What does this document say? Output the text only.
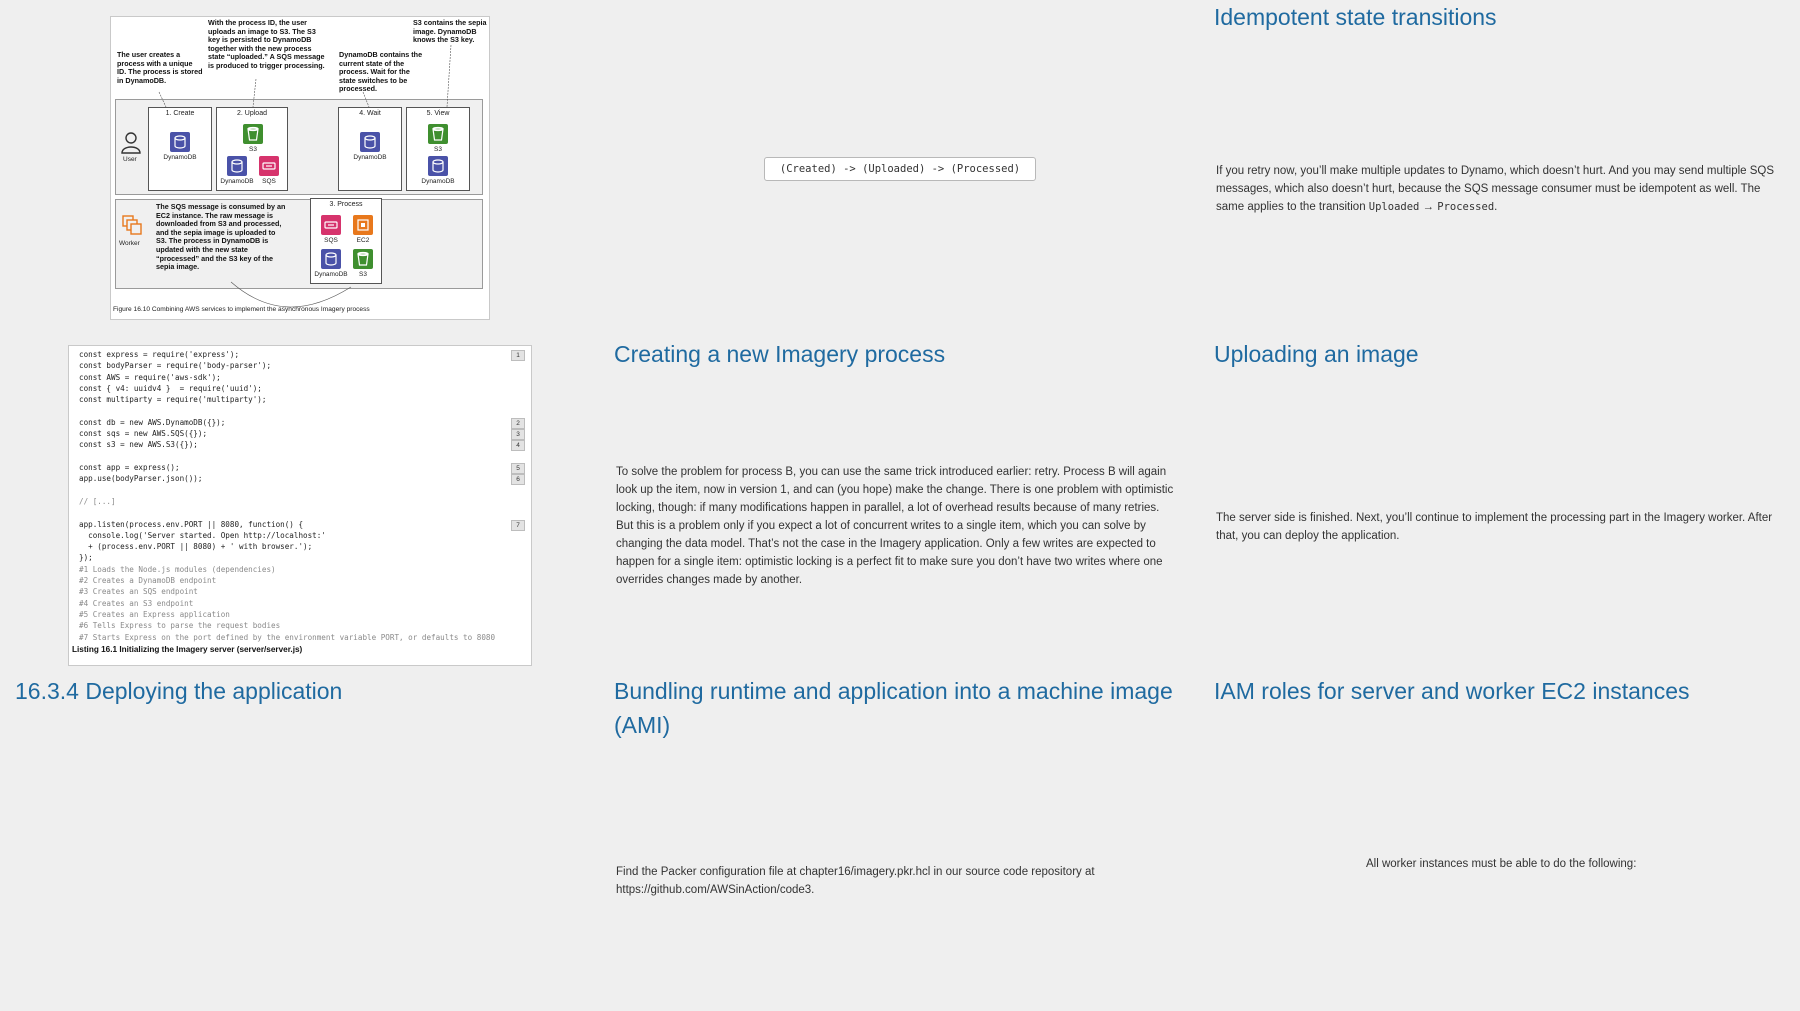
The user creates a process with a unique ID. The process is stored in DynamoDB.
With the process ID, the user uploads an image to S3. The S3 key is persisted to DynamoDB together with the new process state “uploaded.” A SQS message is produced to trigger processing.
DynamoDB contains the current state of the process. Wait for the state switches to be processed.
S3 contains the sepia image. DynamoDB knows the S3 key.
User
1. Create
DynamoDB
2. Upload
S3
DynamoDB	SQS
4. Wait
DynamoDB
5. View
S3
DynamoDB
Worker
The SQS message is consumed by an EC2 instance. The raw message is downloaded from S3 and processed, and the sepia image is uploaded to S3. The process in DynamoDB is updated with the new state “processed” and the S3 key of the sepia image.
3. Process
SQS	EC2
DynamoDB	S3
Figure 16.10 Combining AWS services to implement the asynchronous Imagery process
Listing 16.1 Initializing the Imagery server (server/server.js)
const express = require('express');
const bodyParser = require('body-parser');
const AWS = require('aws-sdk');
const { v4: uuidv4 }  = require('uuid');
const multiparty = require('multiparty');
const db = new AWS.DynamoDB({});
const sqs = new AWS.SQS({});
const s3 = new AWS.S3({});
const app = express();
app.use(bodyParser.json());
// [...]
app.listen(process.env.PORT || 8080, function() {
console.log('Server started. Open http://localhost:'
+ (process.env.PORT || 8080) + ' with browser.');
});
#1 Loads the Node.js modules (dependencies)
#2 Creates a DynamoDB endpoint
#3 Creates an SQS endpoint
#4 Creates an S3 endpoint
#5 Creates an Express application
#6 Tells Express to parse the request bodies
#7 Starts Express on the port defined by the environment variable PORT, or defaults to 8080
1
2
3
4
5
6
7
Idempotent state transitions
(Created) -> (Uploaded) -> (Processed)	If you retry now, you’ll make multiple updates to Dynamo, which doesn’t hurt. And you may send multiple SQS messages, which also doesn’t hurt, because the SQS message consumer must be idempotent as well. The same applies to the transition Uploaded → Processed.

Creating a new Imagery process

To solve the problem for process B, you can use the same trick introduced earlier: retry. Process B will again look up the item, now in version 1, and can (you hope) make the change. There is one problem with optimistic locking, though: if many modifications happen in parallel, a lot of overhead results because of many retries. But this is a problem only if you expect a lot of concurrent writes to a single item, which you can solve by changing the data model. That’s not the case in the Imagery application. Only a few writes are expected to happen for a single item: optimistic locking is a perfect fit to make sure you don’t have two writes where one overrides changes made by another.

Uploading an image

The server side is finished. Next, you’ll continue to implement the processing part in the Imagery worker. After that, you can deploy the application.

16.3.4 Deploying the application	Bundling runtime and application into a machine image (AMI)

Find the Packer configuration file at chapter16/imagery.pkr.hcl in our source code repository at https://github.com/AWSinAction/code3.

IAM roles for server and worker EC2 instances

All worker instances must be able to do the following:
